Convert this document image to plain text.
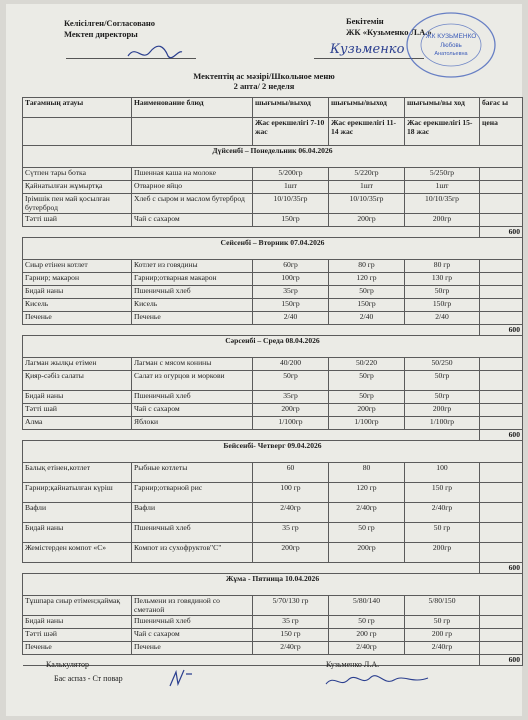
Келісілген/Согласовано
Мектеп директоры
Бекітемін
ЖК «Кузьменко Л.А.»
Кузьменко
ЖК КУЗЬМЕНКО
Любовь
Анатольевна
Мектептің ас мәзірі/Школьное меню
2 апта/ 2 неделя
Тағамның атауы	Наименование блюд	шығымы/выход	шығымы/выход	шығымы/вы ход	бағас ы
		Жас ерекшелігі 7-10 жас	Жас ерекшелігі 11-14 жас	Жас ерекшелігі 15-18 жас	цена
Дүйсенбі – Понедельник 06.04.2026					
Сүтпен тары ботка	Пшенная каша на молоке	5/200гр	5/220гр	5/250гр	
Қайнатылған жұмыртқа	Отварное яйцо	1шт	1шт	1шт	
Ірімшік пен май қосылған бутерброд	Хлеб с сыром и маслом бутерброд	10/10/35гр	10/10/35гр	10/10/35гр	
Тәтті шай	Чай с сахаром	150гр	200гр	200гр	
					600
Сейсенбі – Вторник 07.04.2026					
Сиыр етінен котлет	Котлет из говядины	60гр	80 гр	80 гр	
Гарнир; макарон	Гарнир;отварная макарон	100гр	120 гр	130 гр	
Бидай наны	Пшеничный хлеб	35гр	50гр	50гр	
Кисель	Кисель	150гр	150гр	150гр	
Печенье	Печенье	2/40	2/40	2/40	
					600
Сәрсенбі – Среда 08.04.2026					
Лагман жылқы етімен	Лагман с мясом конины	40/200	50/220	50/250	
Қияр-сәбіз салаты	Салат из огурцов и моркови	50гр	50гр	50гр	
Бидай наны	Пшеничный хлеб	35гр	50гр	50гр	
Тәтті шай	Чай с сахаром	200гр	200гр	200гр	
Алма	Яблоки	1/100гр	1/100гр	1/100гр	
					600
Бейсенбі- Четверг 09.04.2026					
Балық етінен,котлет	Рыбные котлеты	60	80	100	
Гарнир;қайнатылған күріш	Гарнир;отварной рис	100 гр	120 гр	150 гр	
Вафли	Вафли	2/40гр	2/40гр	2/40гр	
Бидай наны	Пшеничный хлеб	35 гр	50 гр	50 гр	
Жемістерден компот «С»	Компот из сухофруктов"С"	200гр	200гр	200гр	
					600
Жұма - Пятница 10.04.2026					
Тұшпара сиыр етімен;қаймақ	Пельмени из говядиной со сметаной	5/70/130 гр	5/80/140	5/80/150	
Бидай наны	Пшеничный хлеб	35 гр	50 гр	50 гр	
Тәтті шәй	Чай с сахаром	150 гр	200 гр	200 гр	
Печенье	Печенье	2/40гр	2/40гр	2/40гр	
					600
Калькулятор
Бас аспаз - Ст повар
Кузьменко Л.А.
